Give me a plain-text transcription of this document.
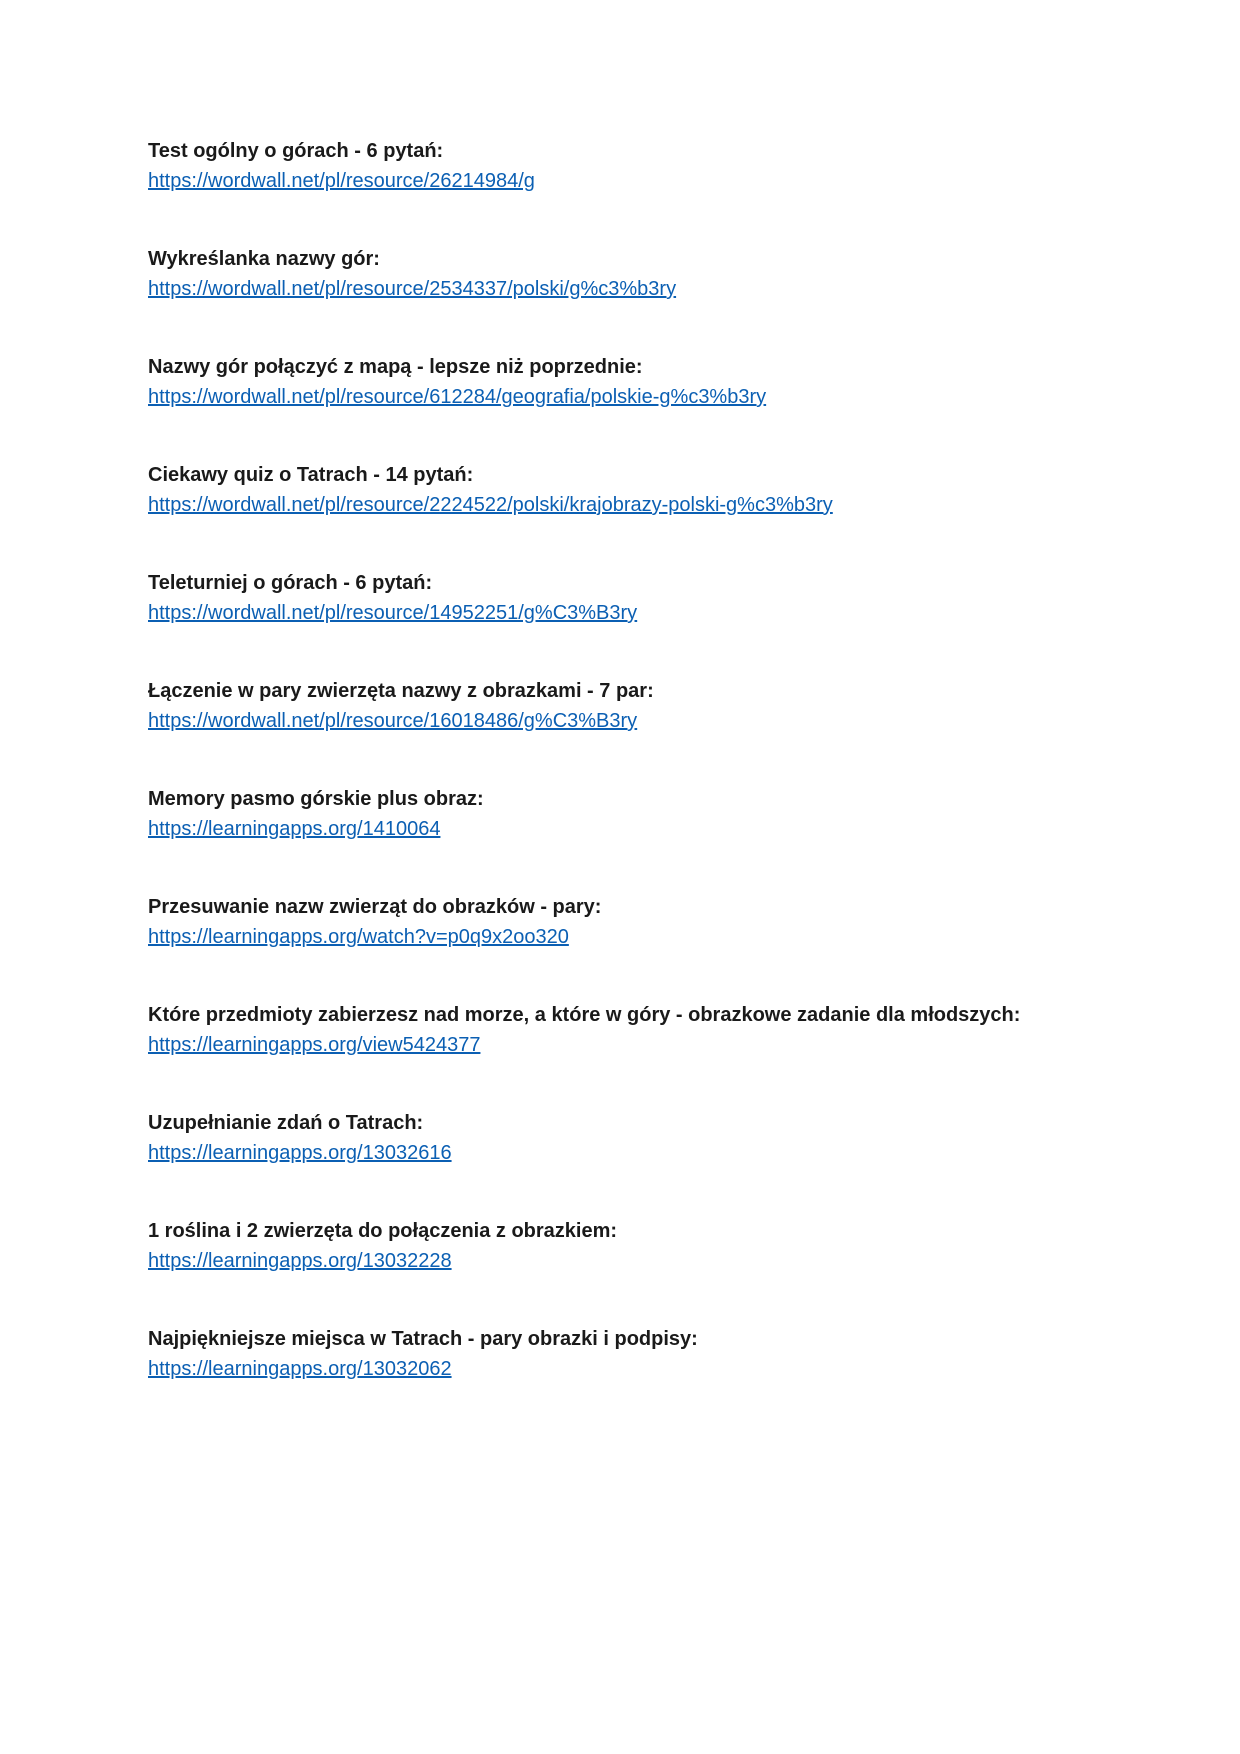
Test ogólny o górach - 6 pytań:
https://wordwall.net/pl/resource/26214984/g
Wykreślanka nazwy gór:
https://wordwall.net/pl/resource/2534337/polski/g%c3%b3ry
Nazwy gór połączyć z mapą - lepsze niż poprzednie:
https://wordwall.net/pl/resource/612284/geografia/polskie-g%c3%b3ry
Ciekawy quiz o Tatrach - 14 pytań:
https://wordwall.net/pl/resource/2224522/polski/krajobrazy-polski-g%c3%b3ry
Teleturniej o górach - 6 pytań:
https://wordwall.net/pl/resource/14952251/g%C3%B3ry
Łączenie w pary zwierzęta nazwy z obrazkami - 7 par:
https://wordwall.net/pl/resource/16018486/g%C3%B3ry
Memory pasmo górskie plus obraz:
https://learningapps.org/1410064
Przesuwanie nazw zwierząt do obrazków - pary:
https://learningapps.org/watch?v=p0q9x2oo320
Które przedmioty zabierzesz nad morze, a które w góry - obrazkowe zadanie dla młodszych:
https://learningapps.org/view5424377
Uzupełnianie zdań o Tatrach:
https://learningapps.org/13032616
1 roślina i 2 zwierzęta do połączenia z obrazkiem:
https://learningapps.org/13032228
Najpiękniejsze miejsca w Tatrach - pary obrazki i podpisy:
https://learningapps.org/13032062
